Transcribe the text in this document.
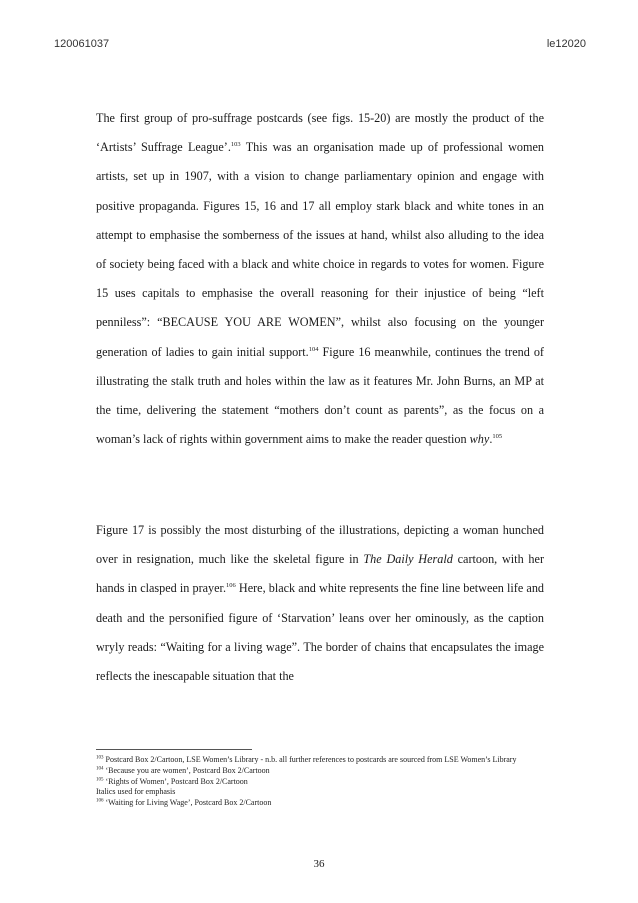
120061037	le12020

The first group of pro-suffrage postcards (see figs. 15-20) are mostly the product of the ‘Artists’ Suffrage League’.$^{103}$ This was an organisation made up of professional women artists, set up in 1907, with a vision to change parliamentary opinion and engage with positive propaganda. Figures 15, 16 and 17 all employ stark black and white tones in an attempt to emphasise the somberness of the issues at hand, whilst also alluding to the idea of society being faced with a black and white choice in regards to votes for women. Figure 15 uses capitals to emphasise the overall reasoning for their injustice of being “left penniless”: “BECAUSE YOU ARE WOMEN”, whilst also focusing on the younger generation of ladies to gain initial support.$^{104}$ Figure 16 meanwhile, continues the trend of illustrating the stalk truth and holes within the law as it features Mr. John Burns, an MP at the time, delivering the statement “mothers don’t count as parents”, as the focus on a woman’s lack of rights within government aims to make the reader question why.$^{105}$

Figure 17 is possibly the most disturbing of the illustrations, depicting a woman hunched over in resignation, much like the skeletal figure in The Daily Herald cartoon, with her hands in clasped in prayer.$^{106}$ Here, black and white represents the fine line between life and death and the personified figure of ‘Starvation’ leans over her ominously, as the caption wryly reads: “Waiting for a living wage”. The border of chains that encapsulates the image reflects the inescapable situation that the

$^{103}$ Postcard Box 2/Cartoon, LSE Women’s Library - n.b. all further references to postcards are sourced from LSE Women’s Library
$^{104}$ ‘Because you are women’, Postcard Box 2/Cartoon
$^{105}$ ‘Rights of Women’, Postcard Box 2/Cartoon
Italics used for emphasis
$^{106}$ ‘Waiting for Living Wage’, Postcard Box 2/Cartoon
36
